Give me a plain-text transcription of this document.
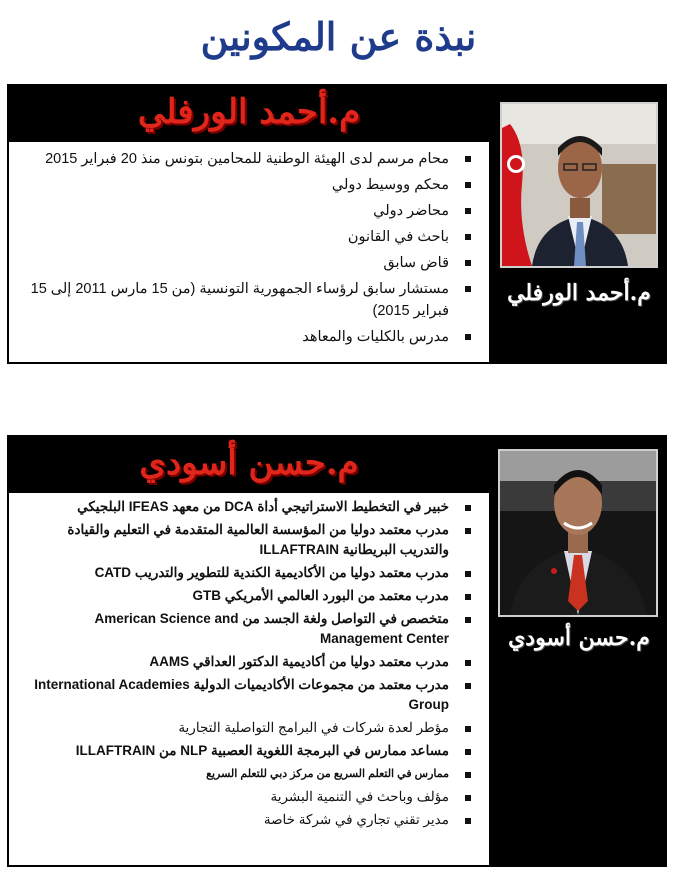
نبذة عن المكونين
م.أحمد الورفلي
محام مرسم لدى الهيئة الوطنية للمحامين بتونس منذ 20 فبراير 2015
محكم ووسيط دولي
محاضر دولي
باحث في القانون
قاض سابق
مستشار سابق لرؤساء الجمهورية التونسية (من 15 مارس 2011 إلى 15 فبراير 2015)
مدرس بالكليات والمعاهد
م.أحمد الورفلي
م.حسن أسودي
خبير في التخطيط الاستراتيجي أداة DCA من معهد IFEAS البلجيكي
مدرب معتمد دوليا من المؤسسة العالمية المتقدمة في التعليم والقيادة والتدريب البريطانية ILLAFTRAIN
مدرب معتمد دوليا من الأكاديمية الكندية للتطوير والتدريب CATD
مدرب معتمد من البورد العالمي الأمريكي GTB
متخصص في التواصل ولغة الجسد من American Science and Management Center
مدرب معتمد دوليا من أكاديمية الدكتور العداقي AAMS
مدرب معتمد من مجموعات الأكاديميات الدولية International Academies Group
مؤطر لعدة شركات في البرامج التواصلية التجارية
مساعد ممارس في البرمجة اللغوية العصبية NLP من ILLAFTRAIN
ممارس في التعلم السريع من مركز دبي للتعلم السريع
مؤلف وباحث في التنمية البشرية
مدير تقني تجاري في شركة خاصة
م.حسن أسودي
